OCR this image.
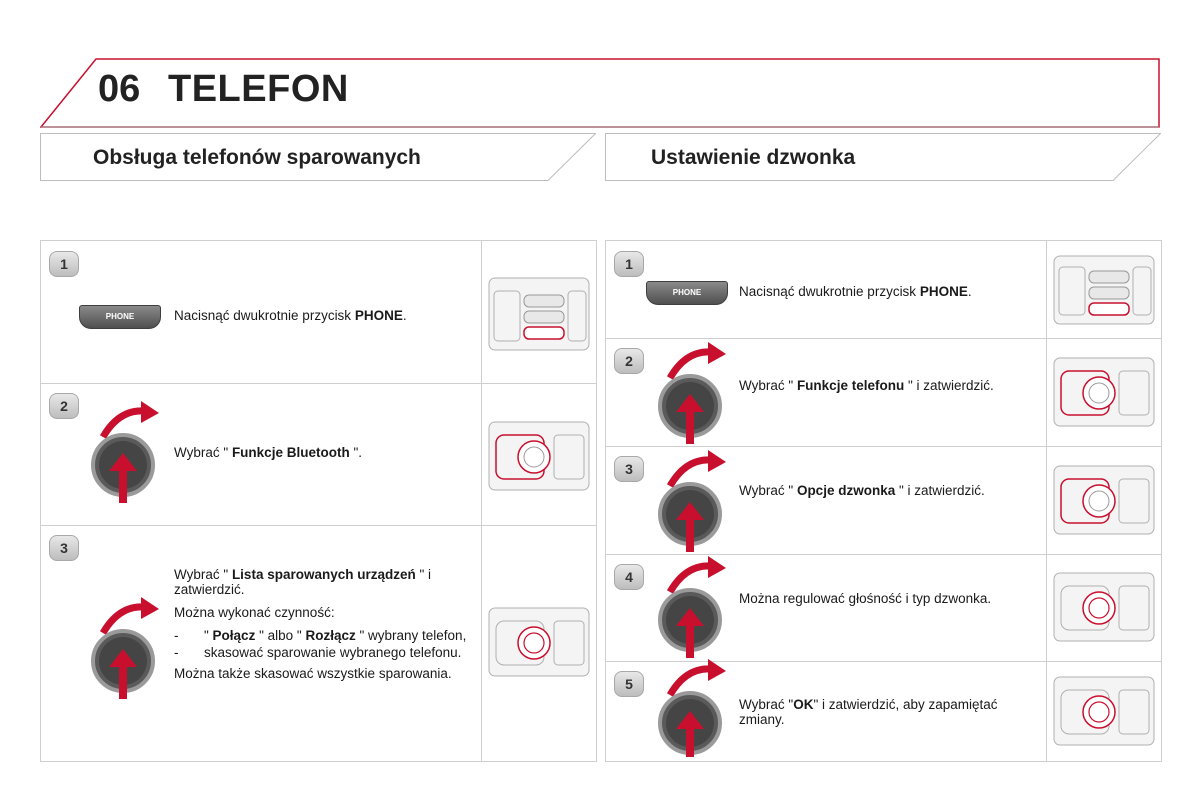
06 TELEFON
Obsługa telefonów sparowanych	Ustawienie dzwonka
1
PHONE	Nacisnąć dwukrotnie przycisk PHONE.
2
Wybrać " Funkcje Bluetooth ".
3

Wybrać " Lista sparowanych urządzeń " i zatwierdzić.

Można wykonać czynność:

- " Połącz " albo " Rozłącz " wybrany telefon,
- skasować sparowanie wybranego telefonu.

Można także skasować wszystkie sparowania.

1
PHONE	Nacisnąć dwukrotnie przycisk PHONE.
2
Wybrać " Funkcje telefonu " i zatwierdzić.
3
Wybrać " Opcje dzwonka " i zatwierdzić.
4
Można regulować głośność i typ dzwonka.
5
Wybrać "OK" i zatwierdzić, aby zapamiętać zmiany.
